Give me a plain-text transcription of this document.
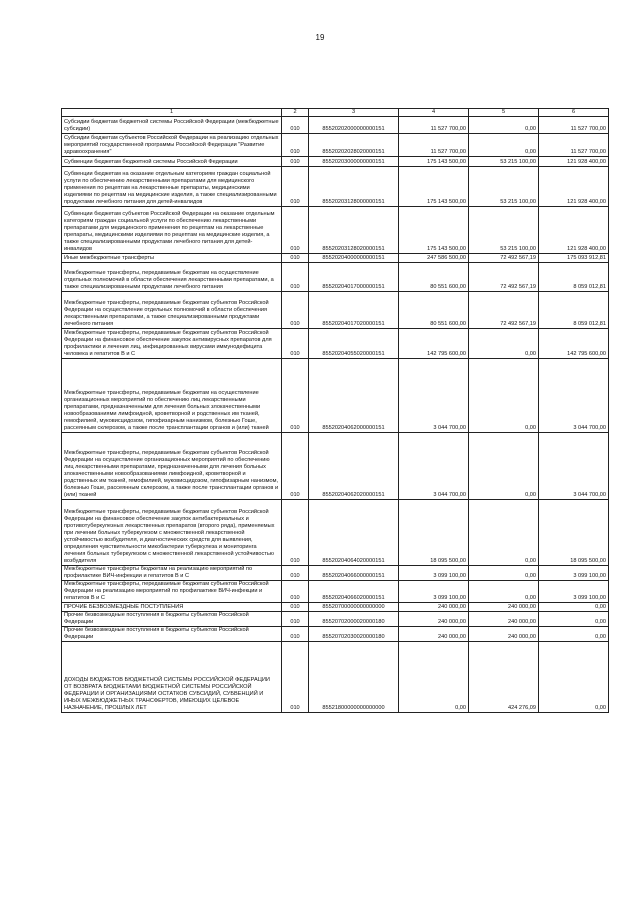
19
1	2	3	4	5	6
Субсидии бюджетам бюджетной системы Российской Федерации (межбюджетные субсидии)	010	85520202000000000151	11 527 700,00	0,00	11 527 700,00
Субсидии бюджетам субъектов Российской Федерации на реализацию отдельных мероприятий государственной программы Российской Федерации "Развитие здравоохранения"	010	85520202028020000151	11 527 700,00	0,00	11 527 700,00
Субвенции бюджетам бюджетной системы Российской Федерации	010	85520203000000000151	175 143 500,00	53 215 100,00	121 928 400,00
Субвенции бюджетам на оказание отдельным категориям граждан социальной услуги по обеспечению лекарственными препаратами для медицинского применения по рецептам на лекарственные препараты, медицинскими изделиями по рецептам на медицинские изделия, а также специализированными продуктами лечебного питания для детей-инвалидов	010	85520203128000000151	175 143 500,00	53 215 100,00	121 928 400,00
Субвенции бюджетам субъектов Российской Федерации на оказание отдельным категориям граждан социальной услуги по обеспечению лекарственными препаратами для медицинского применения по рецептам на лекарственные препараты, медицинскими изделиями по рецептам на медицинские изделия, а также специализированными продуктами лечебного питания для детей-инвалидов	010	85520203128020000151	175 143 500,00	53 215 100,00	121 928 400,00
Иные межбюджетные трансферты	010	85520204000000000151	247 586 500,00	72 492 567,19	175 093 912,81
Межбюджетные трансферты, передаваемые бюджетам на осуществление отдельных полномочий в области обеспечения лекарственными препаратами, а также специализированными продуктами лечебного питания	010	85520204017000000151	80 551 600,00	72 492 567,19	8 059 012,81
Межбюджетные трансферты, передаваемые бюджетам субъектов Российской Федерации на осуществление отдельных полномочий в области обеспечения лекарственными препаратами, а также специализированными продуктами лечебного питания	010	85520204017020000151	80 551 600,00	72 492 567,19	8 059 012,81
Межбюджетные трансферты, передаваемые бюджетам субъектов Российской Федерации на финансовое обеспечение закупок антивирусных препаратов для профилактики и лечения лиц, инфицированных вирусами иммунодефицита человека и гепатитов В и С	010	85520204055020000151	142 795 600,00	0,00	142 795 600,00
Межбюджетные трансферты, передаваемые бюджетам на осуществление организационных мероприятий по обеспечению лиц лекарственными препаратами, предназначенными для лечения больных злокачественными новообразованиями лимфоидной, кроветворной и родственных им тканей, гемофилией, муковисцидозом, гипофизарным нанизмом, болезнью Гоше, рассеянным склерозом, а также после трансплантации органов и (или) тканей	010	85520204062000000151	3 044 700,00	0,00	3 044 700,00
Межбюджетные трансферты, передаваемые бюджетам субъектов Российской Федерации на осуществление организационных мероприятий по обеспечению лиц лекарственными препаратами, предназначенными для лечения больных злокачественными новообразованиями лимфоидной, кроветворной и родственных им тканей, гемофилией, муковисцидозом, гипофизарным нанизмом, болезнью Гоше, рассеянным склерозом, а также после трансплантации органов и (или) тканей	010	85520204062020000151	3 044 700,00	0,00	3 044 700,00
Межбюджетные трансферты, передаваемые бюджетам субъектов Российской Федерации на финансовое обеспечение закупок антибактериальных и противотуберкулезных лекарственных препаратов (второго ряда), применяемых при лечении больных туберкулезом с множественной лекарственной устойчивостью возбудителя, и диагностических средств для выявления, определения чувствительности микобактерии туберкулеза и мониторинга лечения больных туберкулезом с множественной лекарственной устойчивостью возбудителя	010	85520204064020000151	18 095 500,00	0,00	18 095 500,00
Межбюджетные трансферты бюджетам на реализацию мероприятий по профилактике ВИЧ-инфекции и гепатитов В и С	010	85520204066000000151	3 099 100,00	0,00	3 099 100,00
Межбюджетные трансферты, передаваемые бюджетам субъектов Российской Федерации на реализацию мероприятий по профилактике ВИЧ-инфекции и гепатитов В и С	010	85520204066020000151	3 099 100,00	0,00	3 099 100,00
ПРОЧИЕ БЕЗВОЗМЕЗДНЫЕ ПОСТУПЛЕНИЯ	010	85520700000000000000	240 000,00	240 000,00	0,00
Прочие безвозмездные поступления в бюджеты субъектов Российской Федерации	010	85520702000020000180	240 000,00	240 000,00	0,00
Прочие безвозмездные поступления в бюджеты субъектов Российской Федерации	010	85520702030020000180	240 000,00	240 000,00	0,00
ДОХОДЫ БЮДЖЕТОВ БЮДЖЕТНОЙ СИСТЕМЫ РОССИЙСКОЙ ФЕДЕРАЦИИ ОТ ВОЗВРАТА БЮДЖЕТАМИ БЮДЖЕТНОЙ СИСТЕМЫ РОССИЙСКОЙ ФЕДЕРАЦИИ И ОРГАНИЗАЦИЯМИ ОСТАТКОВ СУБСИДИЙ, СУБВЕНЦИЙ И ИНЫХ МЕЖБЮДЖЕТНЫХ ТРАНСФЕРТОВ, ИМЕЮЩИХ ЦЕЛЕВОЕ НАЗНАЧЕНИЕ, ПРОШЛЫХ ЛЕТ	010	85521800000000000000	0,00	424 276,09	0,00
